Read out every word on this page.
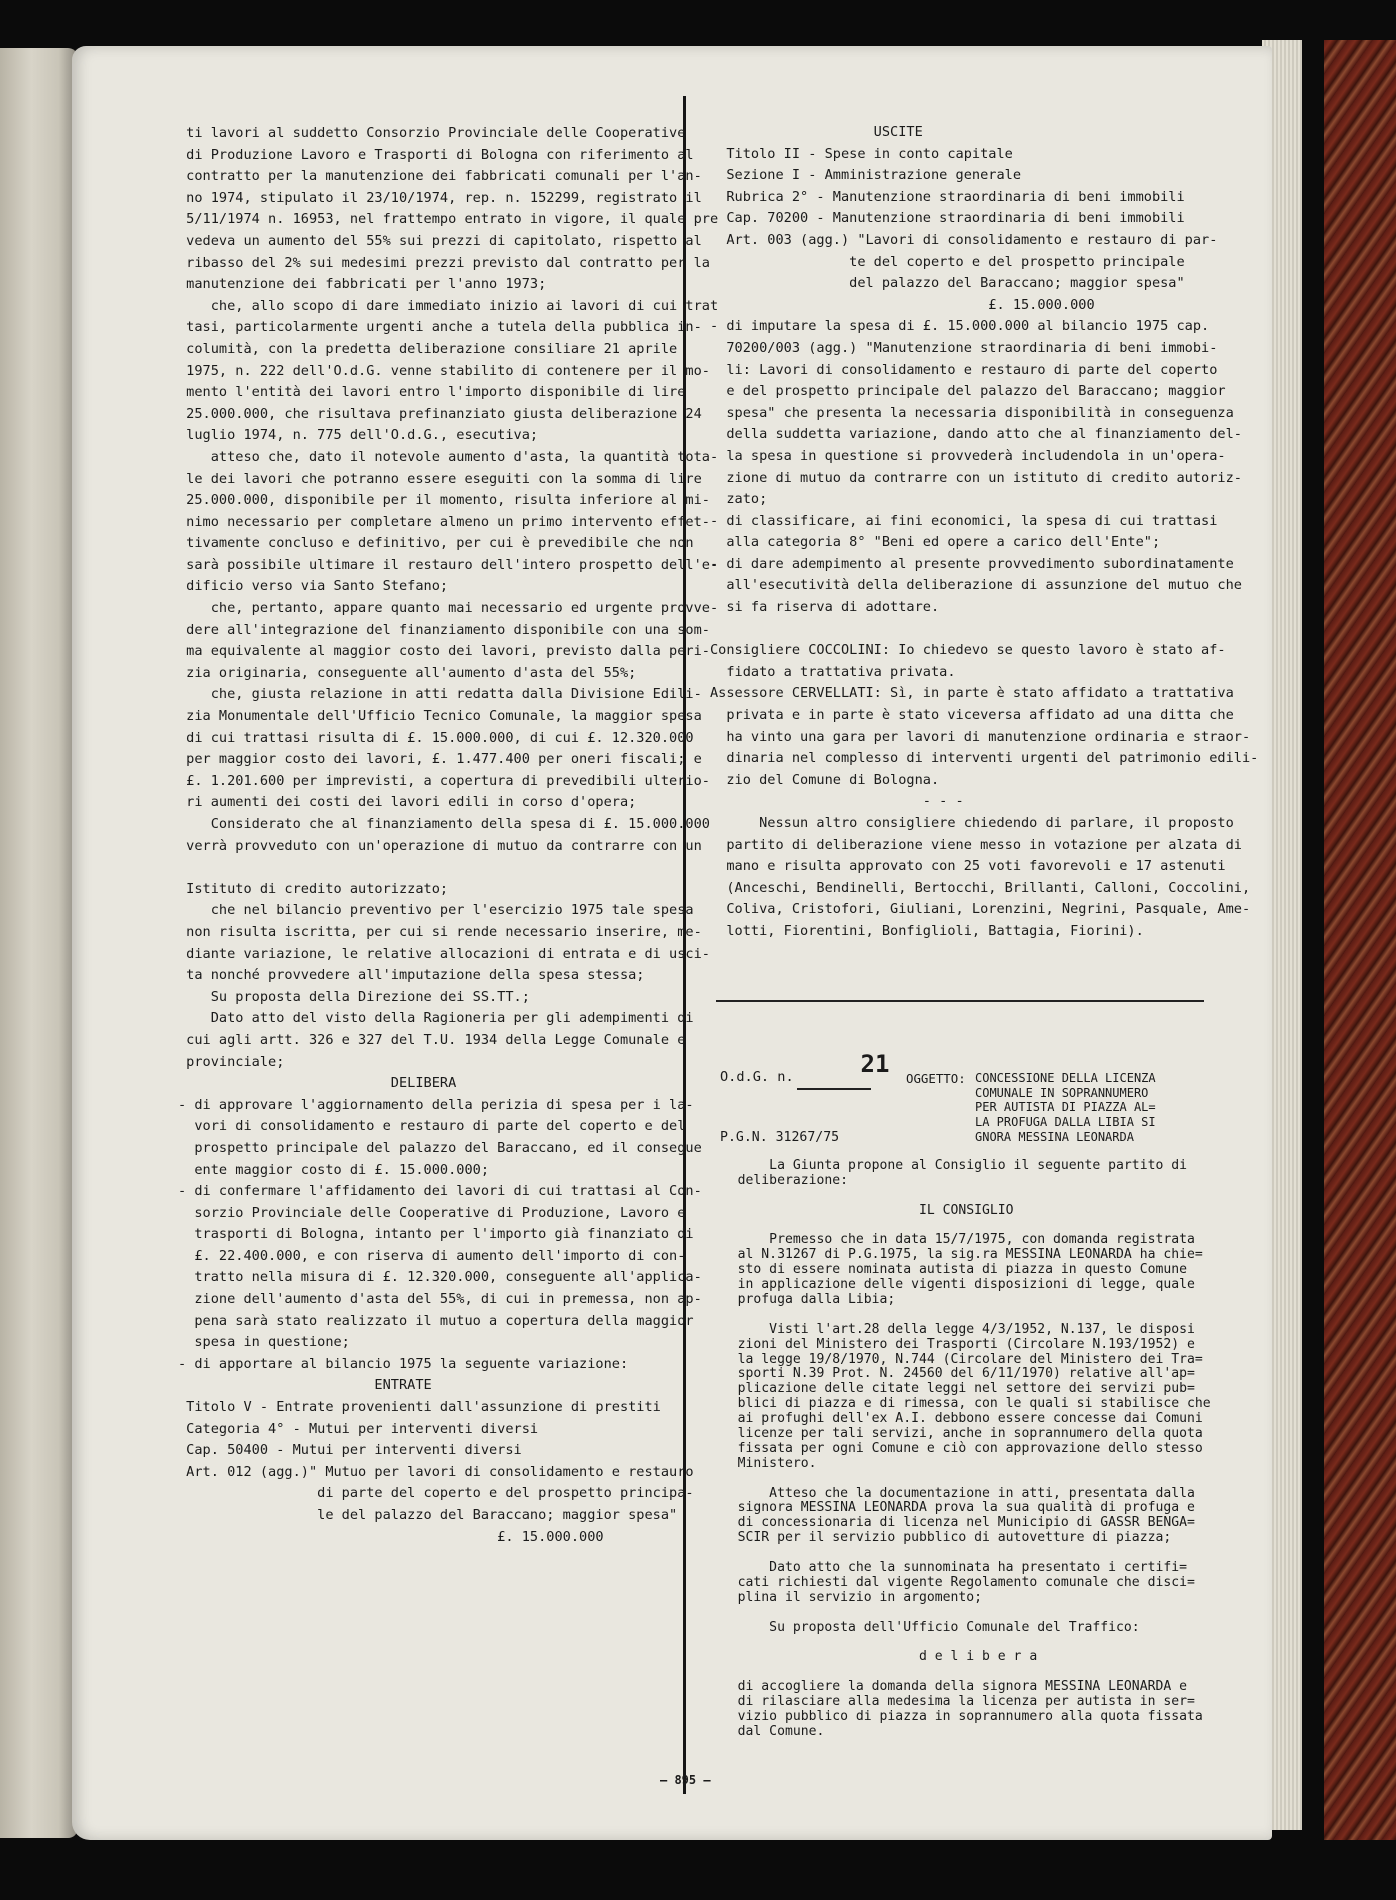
ti lavori al suddetto Consorzio Provinciale delle Cooperative
di Produzione Lavoro e Trasporti di Bologna con riferimento al
contratto per la manutenzione dei fabbricati comunali per l'an-
no 1974, stipulato il 23/10/1974, rep. n. 152299, registrato il
5/11/1974 n. 16953, nel frattempo entrato in vigore, il quale pre
vedeva un aumento del 55% sui prezzi di capitolato, rispetto al
ribasso del 2% sui medesimi prezzi previsto dal contratto per la
manutenzione dei fabbricati per l'anno 1973;
che, allo scopo di dare immediato inizio ai lavori di cui trat
tasi, particolarmente urgenti anche a tutela della pubblica in-
columità, con la predetta deliberazione consiliare 21 aprile
1975, n. 222 dell'O.d.G. venne stabilito di contenere per il mo-
mento l'entità dei lavori entro l'importo disponibile di lire
25.000.000, che risultava prefinanziato giusta deliberazione 24
luglio 1974, n. 775 dell'O.d.G., esecutiva;
atteso che, dato il notevole aumento d'asta, la quantità tota-
le dei lavori che potranno essere eseguiti con la somma di lire
25.000.000, disponibile per il momento, risulta inferiore al mi-
nimo necessario per completare almeno un primo intervento effet-
tivamente concluso e definitivo, per cui è prevedibile che non
sarà possibile ultimare il restauro dell'intero prospetto dell'e-
dificio verso via Santo Stefano;
che, pertanto, appare quanto mai necessario ed urgente provve-
dere all'integrazione del finanziamento disponibile con una som-
ma equivalente al maggior costo dei lavori, previsto dalla peri-
zia originaria, conseguente all'aumento d'asta del 55%;
che, giusta relazione in atti redatta dalla Divisione Edili-
zia Monumentale dell'Ufficio Tecnico Comunale, la maggior spesa
di cui trattasi risulta di £. 15.000.000, di cui £. 12.320.000
per maggior costo dei lavori, £. 1.477.400 per oneri fiscali; e
£. 1.201.600 per imprevisti, a copertura di prevedibili ulterio-
ri aumenti dei costi dei lavori edili in corso d'opera;
Considerato che al finanziamento della spesa di £. 15.000.000
verrà provveduto con un'operazione di mutuo da contrarre con un
Istituto di credito autorizzato;
che nel bilancio preventivo per l'esercizio 1975 tale spesa
non risulta iscritta, per cui si rende necessario inserire, me-
diante variazione, le relative allocazioni di entrata e di usci-
ta nonché provvedere all'imputazione della spesa stessa;
Su proposta della Direzione dei SS.TT.;
Dato atto del visto della Ragioneria per gli adempimenti di
cui agli artt. 326 e 327 del T.U. 1934 della Legge Comunale e
provinciale;
DELIBERA
- di approvare l'aggiornamento della perizia di spesa per i la-
vori di consolidamento e restauro di parte del coperto e del
prospetto principale del palazzo del Baraccano, ed il consegue
ente maggior costo di £. 15.000.000;
- di confermare l'affidamento dei lavori di cui trattasi al Con-
sorzio Provinciale delle Cooperative di Produzione, Lavoro e
trasporti di Bologna, intanto per l'importo già finanziato di
£. 22.400.000, e con riserva di aumento dell'importo di con-
tratto nella misura di £. 12.320.000, conseguente all'applica-
zione dell'aumento d'asta del 55%, di cui in premessa, non ap-
pena sarà stato realizzato il mutuo a copertura della maggior
spesa in questione;
- di apportare al bilancio 1975 la seguente variazione:
ENTRATE
Titolo V - Entrate provenienti dall'assunzione di prestiti
Categoria 4° - Mutui per interventi diversi
Cap. 50400 - Mutui per interventi diversi
Art. 012 (agg.)" Mutuo per lavori di consolidamento e restauro
di parte del coperto e del prospetto principa-
le del palazzo del Baraccano; maggior spesa"
£. 15.000.000
USCITE
Titolo II - Spese in conto capitale
Sezione I - Amministrazione generale
Rubrica 2° - Manutenzione straordinaria di beni immobili
Cap. 70200 - Manutenzione straordinaria di beni immobili
Art. 003 (agg.) "Lavori di consolidamento e restauro di par-
te del coperto e del prospetto principale
del palazzo del Baraccano; maggior spesa"
£. 15.000.000
- di imputare la spesa di £. 15.000.000 al bilancio 1975 cap.
70200/003 (agg.) "Manutenzione straordinaria di beni immobi-
li: Lavori di consolidamento e restauro di parte del coperto
e del prospetto principale del palazzo del Baraccano; maggior
spesa" che presenta la necessaria disponibilità in conseguenza
della suddetta variazione, dando atto che al finanziamento del-
la spesa in questione si provvederà includendola in un'opera-
zione di mutuo da contrarre con un istituto di credito autoriz-
zato;
- di classificare, ai fini economici, la spesa di cui trattasi
alla categoria 8° "Beni ed opere a carico dell'Ente";
- di dare adempimento al presente provvedimento subordinatamente
all'esecutività della deliberazione di assunzione del mutuo che
si fa riserva di adottare.
Consigliere COCCOLINI: Io chiedevo se questo lavoro è stato af-
fidato a trattativa privata.
Assessore CERVELLATI: Sì, in parte è stato affidato a trattativa
privata e in parte è stato viceversa affidato ad una ditta che
ha vinto una gara per lavori di manutenzione ordinaria e straor-
dinaria nel complesso di interventi urgenti del patrimonio edili-
zio del Comune di Bologna.
- - -
Nessun altro consigliere chiedendo di parlare, il proposto
partito di deliberazione viene messo in votazione per alzata di
mano e risulta approvato con 25 voti favorevoli e 17 astenuti
(Anceschi, Bendinelli, Bertocchi, Brillanti, Calloni, Coccolini,
Coliva, Cristofori, Giuliani, Lorenzini, Negrini, Pasquale, Ame-
lotti, Fiorentini, Bonfiglioli, Battagia, Fiorini).
O.d.G. n.	21
OGGETTO: CONCESSIONE DELLA LICENZA
COMUNALE IN SOPRANNUMERO
PER AUTISTA DI PIAZZA AL=
LA PROFUGA DALLA LIBIA SI
GNORA MESSINA LEONARDA
P.G.N. 31267/75
La Giunta propone al Consiglio il seguente partito di
deliberazione:
IL CONSIGLIO
Premesso che in data 15/7/1975, con domanda registrata
al N.31267 di P.G.1975, la sig.ra MESSINA LEONARDA ha chie=
sto di essere nominata autista di piazza in questo Comune
in applicazione delle vigenti disposizioni di legge, quale
profuga dalla Libia;
Visti l'art.28 della legge 4/3/1952, N.137, le disposi
zioni del Ministero dei Trasporti (Circolare N.193/1952) e
la legge 19/8/1970, N.744 (Circolare del Ministero dei Tra=
sporti N.39 Prot. N. 24560 del 6/11/1970) relative all'ap=
plicazione delle citate leggi nel settore dei servizi pub=
blici di piazza e di rimessa, con le quali si stabilisce che
ai profughi dell'ex A.I. debbono essere concesse dai Comuni
licenze per tali servizi, anche in soprannumero della quota
fissata per ogni Comune e ciò con approvazione dello stesso
Ministero.
Atteso che la documentazione in atti, presentata dalla
signora MESSINA LEONARDA prova la sua qualità di profuga e
di concessionaria di licenza nel Municipio di GASSR BENGA=
SCIR per il servizio pubblico di autovetture di piazza;
Dato atto che la sunnominata ha presentato i certifi=
cati richiesti dal vigente Regolamento comunale che disci=
plina il servizio in argomento;
Su proposta dell'Ufficio Comunale del Traffico:
d e l i b e r a
di accogliere la domanda della signora MESSINA LEONARDA e
di rilasciare alla medesima la licenza per autista in ser=
vizio pubblico di piazza in soprannumero alla quota fissata
dal Comune.
– 895 –
